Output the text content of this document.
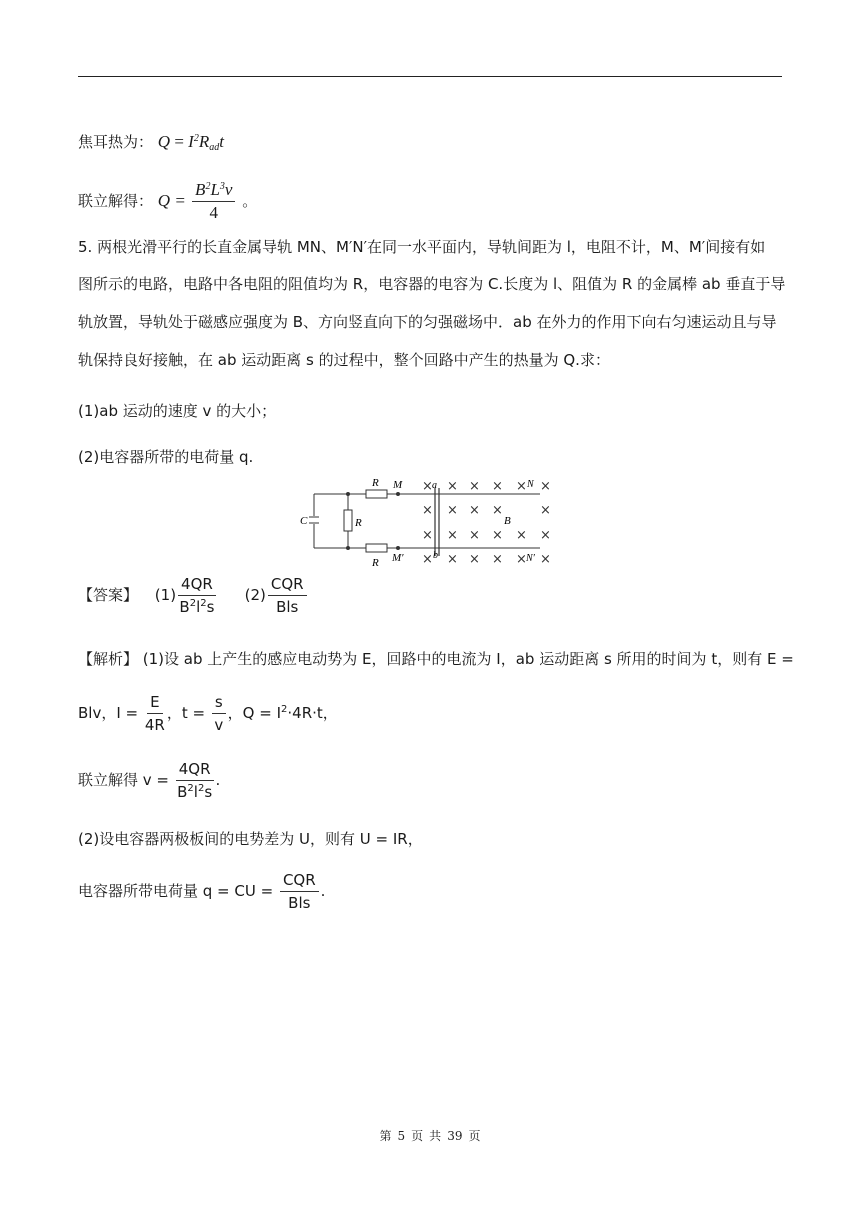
焦耳热为： $Q = I^2R_{ad}t$
联立解得： $Q = \frac{B^2L^3v}{4}$ 。
5. 两根光滑平行的长直金属导轨 MN、M′N′在同一水平面内，导轨间距为 l，电阻不计，M、M′间接有如
图所示的电路，电路中各电阻的阻值均为 R，电容器的电容为 C.长度为 l、阻值为 R 的金属棒 ab 垂直于导
轨放置，导轨处于磁感应强度为 B、方向竖直向下的匀强磁场中．ab 在外力的作用下向右匀速运动且与导
轨保持良好接触，在 ab 运动距离 s 的过程中，整个回路中产生的热量为 Q.求：
(1)ab 运动的速度 v 的大小；
(2)电容器所带的电荷量 q.
× × × × × ×
× × × ×	×
× × × × × ×
× × × × × ×
C	R
R
R
M
M′
a
b
B
N
N′
【答案】 $(1) \frac{4QR}{B^2l^2s} (2) \frac{\text{CQR}}{\text{Bls}}$
【解析】 (1)设 ab 上产生的感应电动势为 E，回路中的电流为 I，ab 运动距离 s 所用的时间为 t，则有 E =
Blv，$I = \frac{E}{4R}$ ，$t = \frac{s}{v}$ ，$Q = I^2\cdot 4R\cdot t$，
联立解得 $v = \frac{4QR}{B^2l^2s}$ .
(2)设电容器两极板间的电势差为 U，则有 U = IR，
电容器所带电荷量 q = CU = $\frac{\text{CQR}}{\text{Bls}}$ .
第 5 页 共 39 页
